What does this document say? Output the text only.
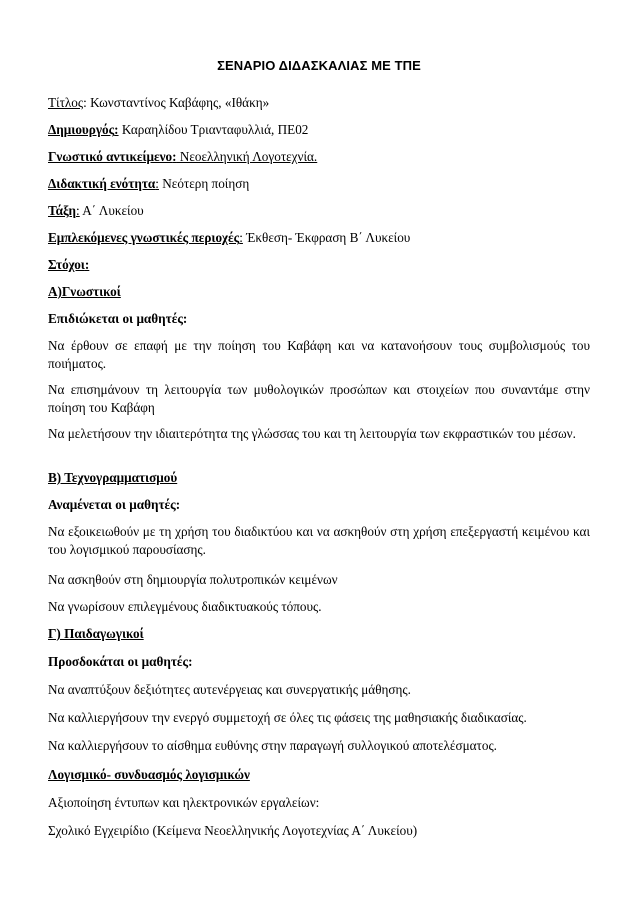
ΣΕΝΑΡΙΟ ΔΙΔΑΣΚΑΛΙΑΣ ΜΕ ΤΠΕ
Τίτλος: Κωνσταντίνος Καβάφης, «Ιθάκη»
Δημιουργός: Καραηλίδου Τριανταφυλλιά, ΠΕ02
Γνωστικό αντικείμενο: Νεοελληνική Λογοτεχνία.
Διδακτική ενότητα: Νεότερη ποίηση
Τάξη: Α΄ Λυκείου
Εμπλεκόμενες γνωστικές περιοχές: Έκθεση- Έκφραση Β΄ Λυκείου
Στόχοι:
Α)Γνωστικοί
Επιδιώκεται οι μαθητές:
Να έρθουν σε επαφή με την ποίηση του Καβάφη και να κατανοήσουν τους συμβολισμούς του ποιήματος.
Να επισημάνουν τη λειτουργία των μυθολογικών προσώπων και στοιχείων που συναντάμε στην ποίηση του Καβάφη
Να μελετήσουν την ιδιαιτερότητα της γλώσσας του και τη λειτουργία των εκφραστικών του μέσων.
Β) Τεχνογραμματισμού
Αναμένεται οι μαθητές:
Να εξοικειωθούν με τη χρήση του διαδικτύου και να ασκηθούν στη χρήση επεξεργαστή κειμένου και του λογισμικού παρουσίασης.
Να ασκηθούν στη δημιουργία πολυτροπικών κειμένων
Να γνωρίσουν επιλεγμένους διαδικτυακούς τόπους.
Γ) Παιδαγωγικοί
Προσδοκάται οι μαθητές:
Να αναπτύξουν δεξιότητες αυτενέργειας και συνεργατικής μάθησης.
Να καλλιεργήσουν την ενεργό συμμετοχή σε όλες τις φάσεις της μαθησιακής διαδικασίας.
Να καλλιεργήσουν το αίσθημα ευθύνης στην παραγωγή συλλογικού αποτελέσματος.
Λογισμικό- συνδυασμός λογισμικών
Αξιοποίηση έντυπων και ηλεκτρονικών εργαλείων:
Σχολικό Εγχειρίδιο (Κείμενα Νεοελληνικής Λογοτεχνίας Α΄ Λυκείου)
